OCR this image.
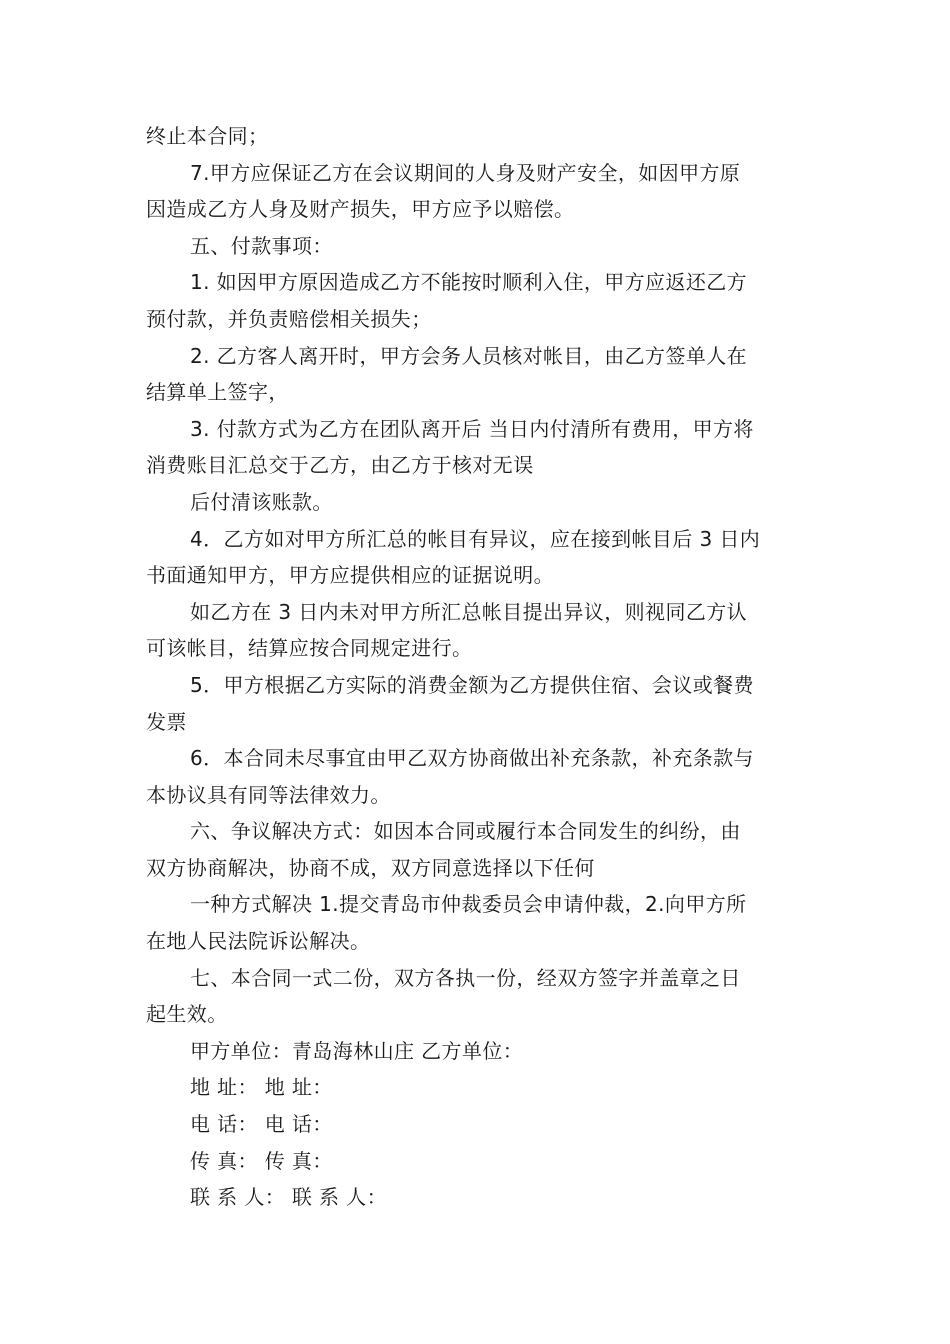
终止本合同；
7.甲方应保证乙方在会议期间的人身及财产安全，如因甲方原
因造成乙方人身及财产损失，甲方应予以赔偿。
五、付款事项：
1. 如因甲方原因造成乙方不能按时顺利入住，甲方应返还乙方
预付款，并负责赔偿相关损失；
2. 乙方客人离开时，甲方会务人员核对帐目，由乙方签单人在
结算单上签字，
3. 付款方式为乙方在团队离开后 当日内付清所有费用，甲方将
消费账目汇总交于乙方，由乙方于核对无误
后付清该账款。
4．乙方如对甲方所汇总的帐目有异议，应在接到帐目后 3 日内
书面通知甲方，甲方应提供相应的证据说明。
如乙方在 3 日内未对甲方所汇总帐目提出异议，则视同乙方认
可该帐目，结算应按合同规定进行。
5．甲方根据乙方实际的消费金额为乙方提供住宿、会议或餐费
发票
6．本合同未尽事宜由甲乙双方协商做出补充条款，补充条款与
本协议具有同等法律效力。
六、争议解决方式：如因本合同或履行本合同发生的纠纷，由
双方协商解决，协商不成，双方同意选择以下任何
一种方式解决 1.提交青岛市仲裁委员会申请仲裁，2.向甲方所
在地人民法院诉讼解决。
七、本合同一式二份，双方各执一份，经双方签字并盖章之日
起生效。
甲方单位：青岛海林山庄 乙方单位：
地 址： 地 址：
电 话： 电 话：
传 真： 传 真：
联 系 人： 联 系 人：
